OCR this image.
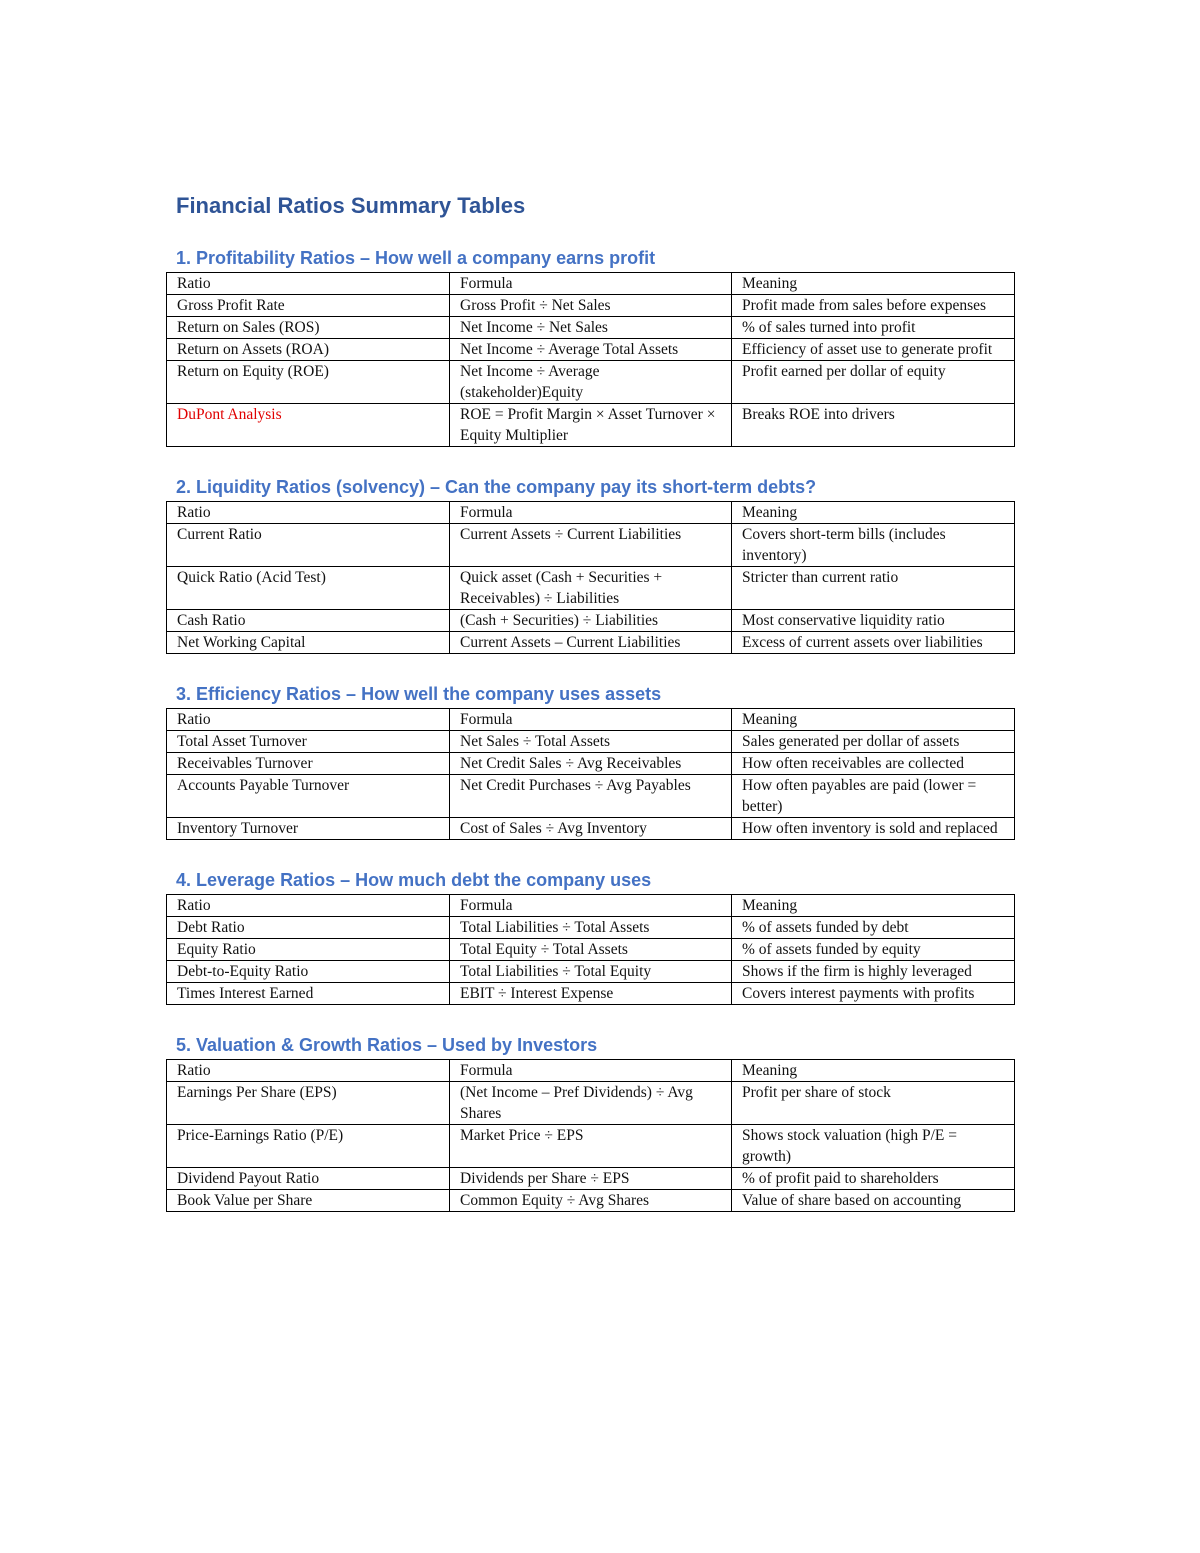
Financial Ratios Summary Tables
1. Profitability Ratios – How well a company earns profit
Ratio	Formula	Meaning
Gross Profit Rate	Gross Profit ÷ Net Sales	Profit made from sales before expenses
Return on Sales (ROS)	Net Income ÷ Net Sales	% of sales turned into profit
Return on Assets (ROA)	Net Income ÷ Average Total Assets	Efficiency of asset use to generate profit
Return on Equity (ROE)	Net Income ÷ Average (stakeholder)Equity	Profit earned per dollar of equity
DuPont Analysis	ROE = Profit Margin × Asset Turnover × Equity Multiplier	Breaks ROE into drivers
2. Liquidity Ratios (solvency) – Can the company pay its short-term debts?
Ratio	Formula	Meaning
Current Ratio	Current Assets ÷ Current Liabilities	Covers short-term bills (includes inventory)
Quick Ratio (Acid Test)	Quick asset (Cash + Securities + Receivables) ÷ Liabilities	Stricter than current ratio
Cash Ratio	(Cash + Securities) ÷ Liabilities	Most conservative liquidity ratio
Net Working Capital	Current Assets – Current Liabilities	Excess of current assets over liabilities
3. Efficiency Ratios – How well the company uses assets
Ratio	Formula	Meaning
Total Asset Turnover	Net Sales ÷ Total Assets	Sales generated per dollar of assets
Receivables Turnover	Net Credit Sales ÷ Avg Receivables	How often receivables are collected
Accounts Payable Turnover	Net Credit Purchases ÷ Avg Payables	How often payables are paid (lower = better)
Inventory Turnover	Cost of Sales ÷ Avg Inventory	How often inventory is sold and replaced
4. Leverage Ratios – How much debt the company uses
Ratio	Formula	Meaning
Debt Ratio	Total Liabilities ÷ Total Assets	% of assets funded by debt
Equity Ratio	Total Equity ÷ Total Assets	% of assets funded by equity
Debt-to-Equity Ratio	Total Liabilities ÷ Total Equity	Shows if the firm is highly leveraged
Times Interest Earned	EBIT ÷ Interest Expense	Covers interest payments with profits
5. Valuation & Growth Ratios – Used by Investors
Ratio	Formula	Meaning
Earnings Per Share (EPS)	(Net Income – Pref Dividends) ÷ Avg Shares	Profit per share of stock
Price-Earnings Ratio (P/E)	Market Price ÷ EPS	Shows stock valuation (high P/E = growth)
Dividend Payout Ratio	Dividends per Share ÷ EPS	% of profit paid to shareholders
Book Value per Share	Common Equity ÷ Avg Shares	Value of share based on accounting
